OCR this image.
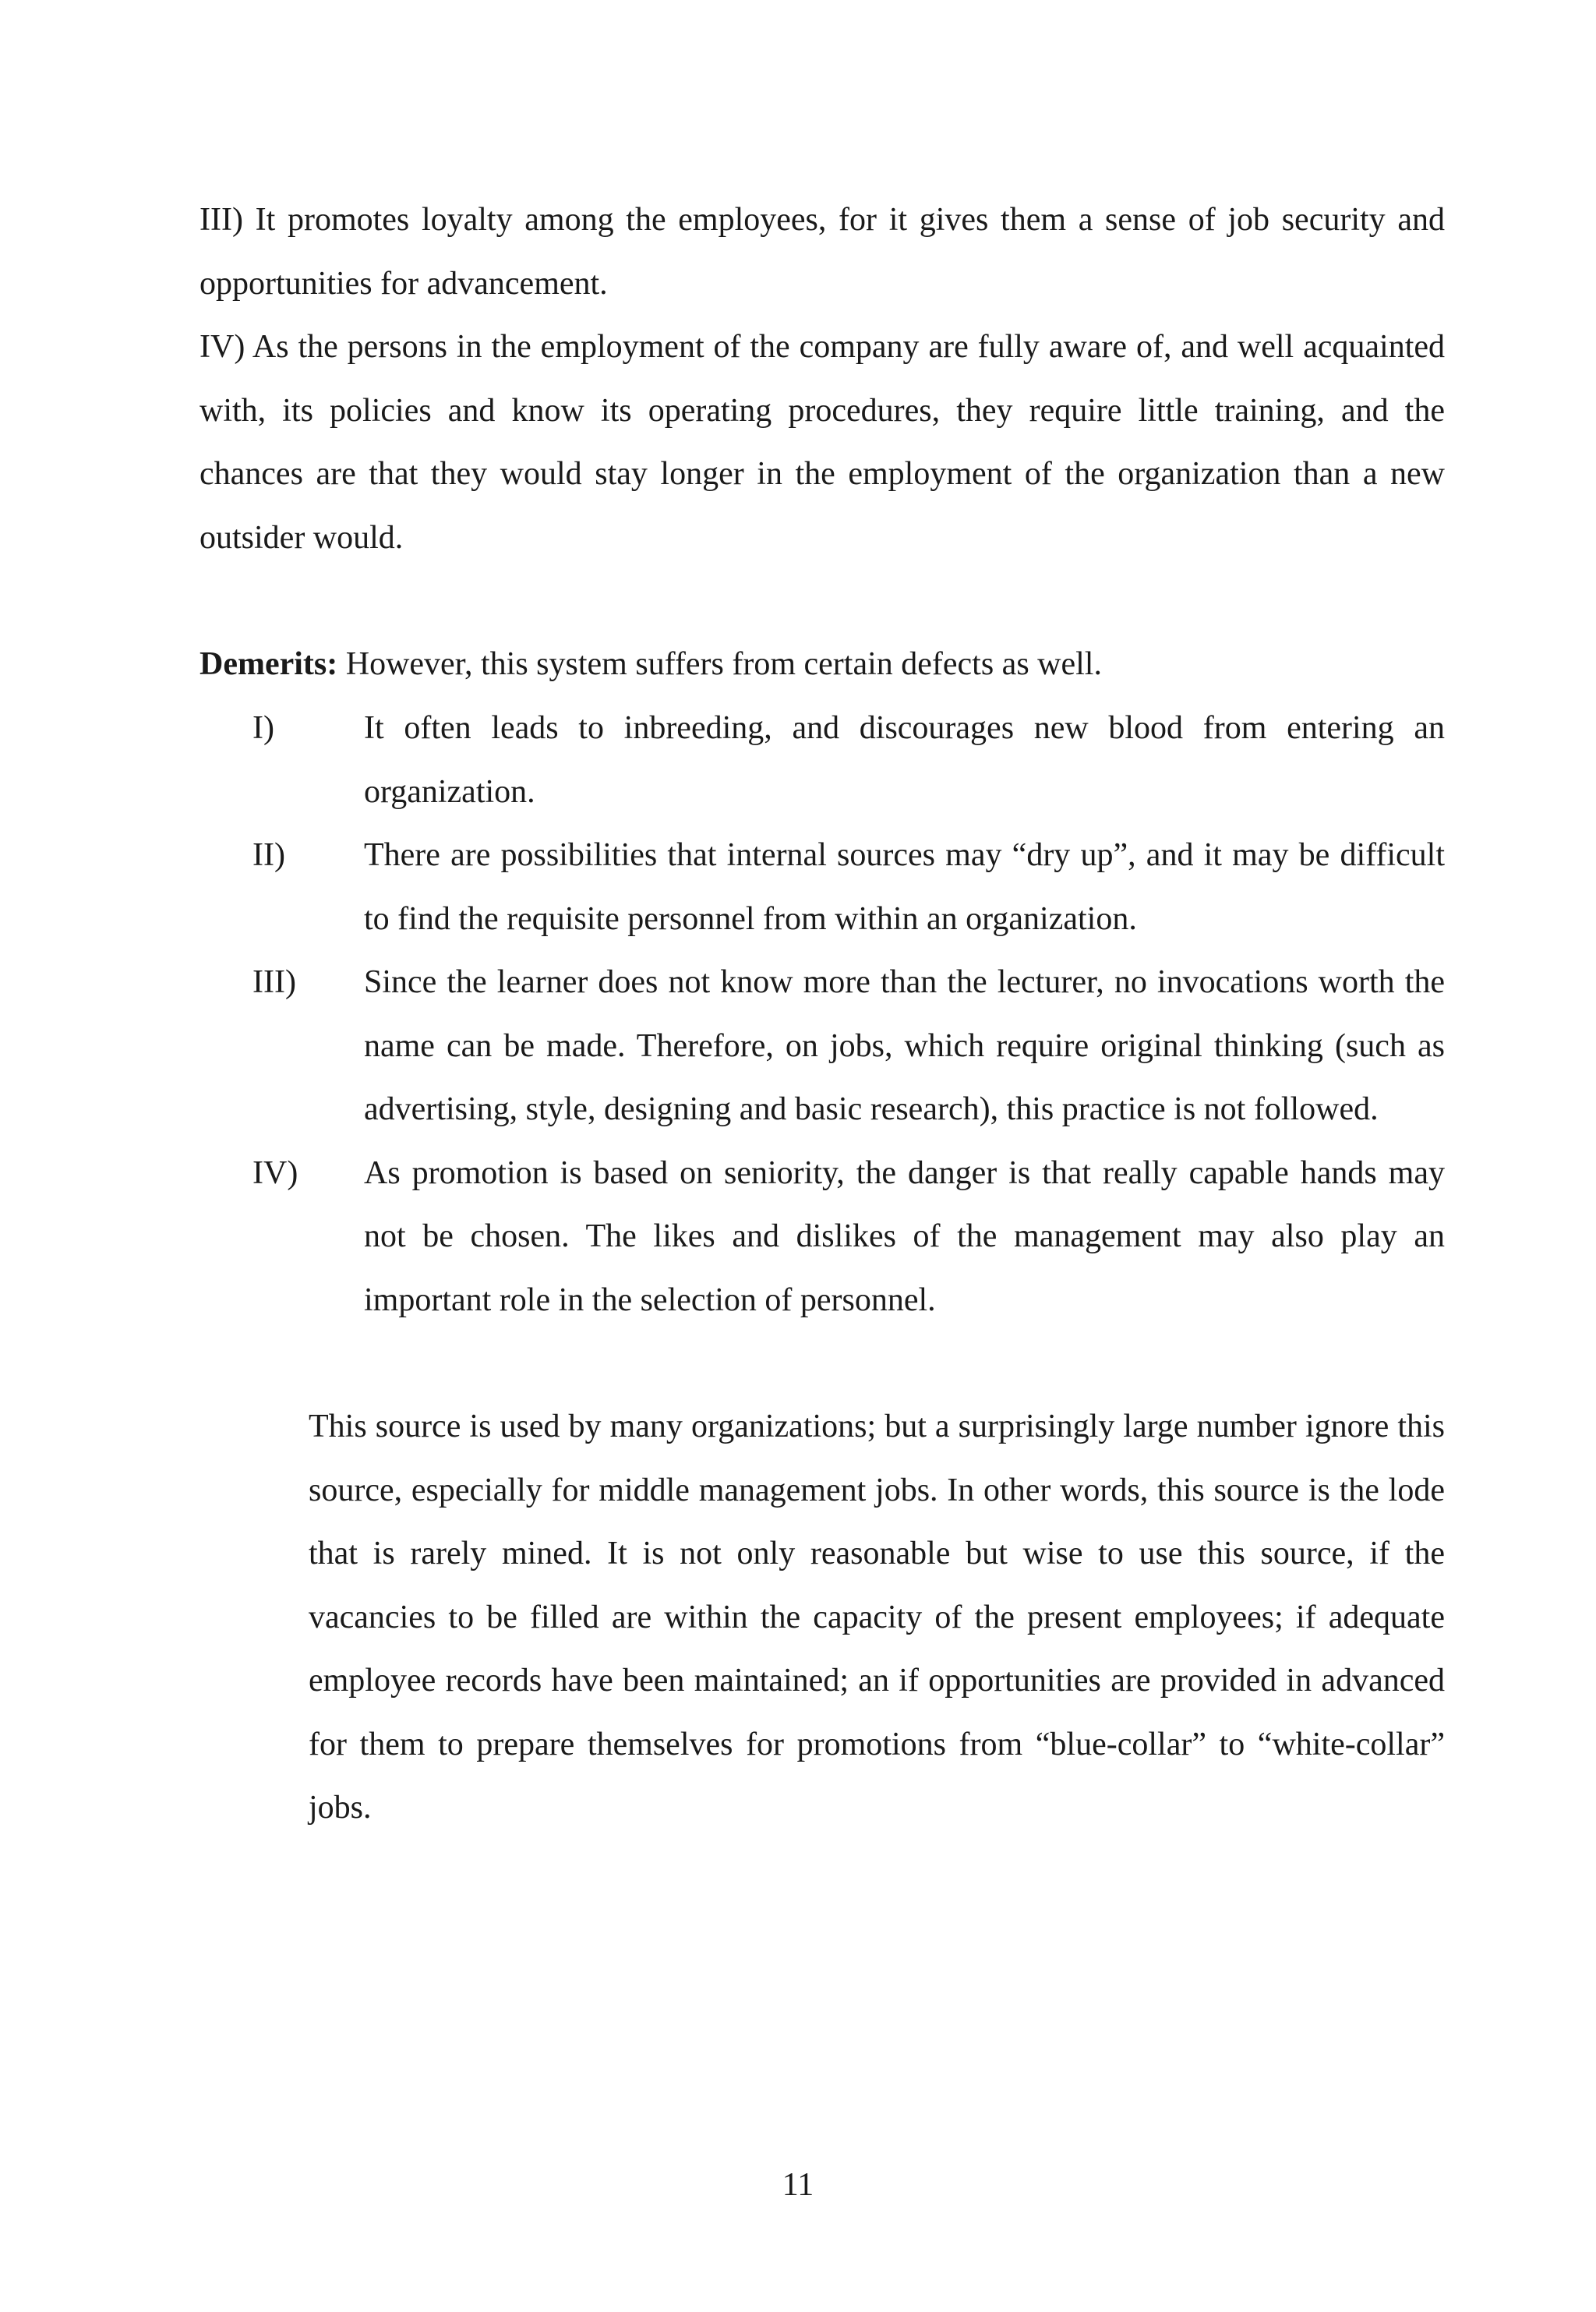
III) It promotes loyalty among the employees, for it gives them a sense of job security and opportunities for advancement.

IV) As the persons in the employment of the company are fully aware of, and well acquainted with, its policies and know its operating procedures, they require little training, and the chances are that they would stay longer in the employment of the organization than a new outsider would.

Demerits: However, this system suffers from certain defects as well.

I)	It often leads to inbreeding, and discourages new blood from entering an organization.
II)	There are possibilities that internal sources may “dry up”, and it may be difficult to find the requisite personnel from within an organization.
III)	Since the learner does not know more than the lecturer, no invocations worth the name can be made. Therefore, on jobs, which require original thinking (such as advertising, style, designing and basic research), this practice is not followed.
IV)	As promotion is based on seniority, the danger is that really capable hands may not be chosen. The likes and dislikes of the management may also play an important role in the selection of personnel.

This source is used by many organizations; but a surprisingly large number ignore this source, especially for middle management jobs. In other words, this source is the lode that is rarely mined. It is not only reasonable but wise to use this source, if the vacancies to be filled are within the capacity of the present employees; if adequate employee records have been maintained; an if opportunities are provided in advanced for them to prepare themselves for promotions from “blue-collar” to “white-collar” jobs.

11
